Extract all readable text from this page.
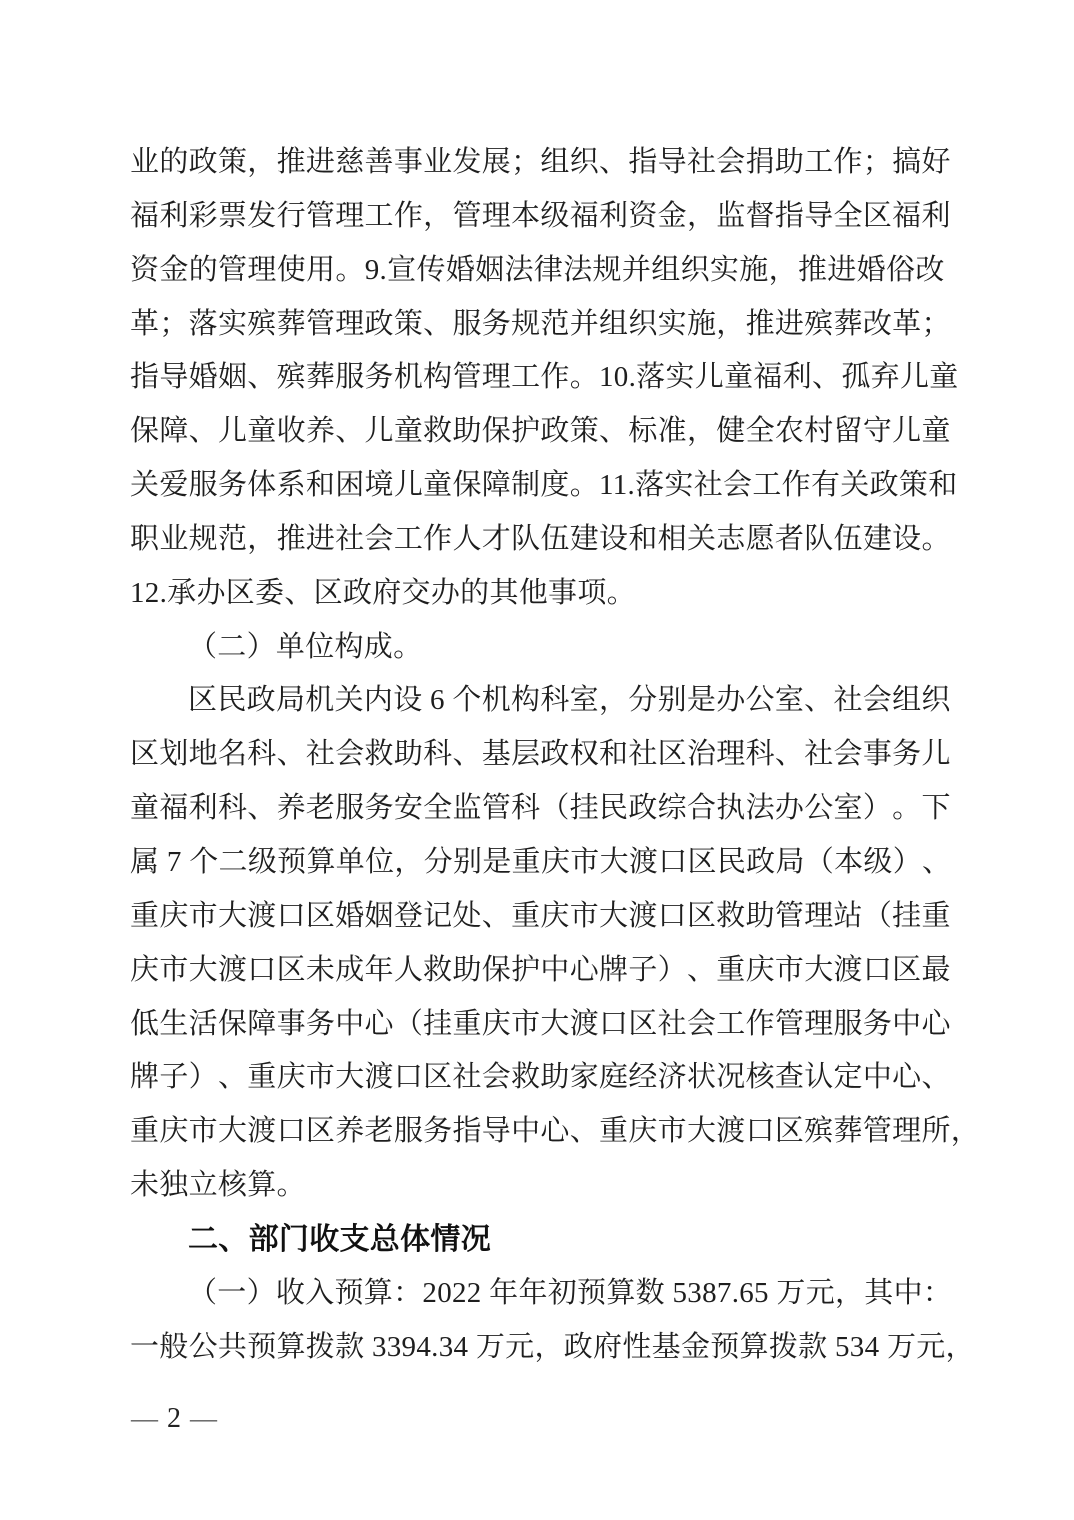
业 的 政 策 ， 推 进 慈 善 事 业 发 展 ； 组 织 、 指 导 社 会 捐 助 工 作 ； 搞 好
福 利 彩 票 发 行 管 理 工 作 ， 管 理 本 级 福 利 资 金 ， 监 督 指 导 全 区 福 利
资 金 的 管 理 使 用 。 9. 宣 传 婚 姻 法 律 法 规 并 组 织 实 施 ， 推 进 婚 俗 改
革 ； 落 实 殡 葬 管 理 政 策 、 服 务 规 范 并 组 织 实 施 ， 推 进 殡 葬 改 革 ；
指 导 婚 姻 、 殡 葬 服 务 机 构 管 理 工 作 。 10. 落 实 儿 童 福 利 、 孤 弃 儿 童
保 障 、 儿 童 收 养 、 儿 童 救 助 保 护 政 策 、 标 准 ， 健 全 农 村 留 守 儿 童
关 爱 服 务 体 系 和 困 境 儿 童 保 障 制 度 。 11. 落 实 社 会 工 作 有 关 政 策 和
职 业 规 范 ， 推 进 社 会 工 作 人 才 队 伍 建 设 和 相 关 志 愿 者 队 伍 建 设 。
12.承办区委、区政府交办的其他事项。
（二）单位构成。
区 民 政 局 机 关 内 设 6 个 机 构 科 室 ， 分 别 是 办 公 室 、 社 会 组 织
区 划 地 名 科 、 社 会 救 助 科 、 基 层 政 权 和 社 区 治 理 科 、 社 会 事 务 儿
童 福 利 科 、 养 老 服 务 安 全 监 管 科 （ 挂 民 政 综 合 执 法 办 公 室 ） 。 下
属 7 个 二 级 预 算 单 位 ， 分 别 是 重 庆 市 大 渡 口 区 民 政 局 （ 本 级 ） 、
重 庆 市 大 渡 口 区 婚 姻 登 记 处 、 重 庆 市 大 渡 口 区 救 助 管 理 站 （ 挂 重
庆 市 大 渡 口 区 未 成 年 人 救 助 保 护 中 心 牌 子 ） 、 重 庆 市 大 渡 口 区 最
低 生 活 保 障 事 务 中 心 （ 挂 重 庆 市 大 渡 口 区 社 会 工 作 管 理 服 务 中 心
牌 子 ） 、 重 庆 市 大 渡 口 区 社 会 救 助 家 庭 经 济 状 况 核 查 认 定 中 心 、
重 庆 市 大 渡 口 区 养 老 服 务 指 导 中 心 、 重 庆 市 大 渡 口 区 殡 葬 管 理 所 ，
未独立核算。
二、部门收支总体情况
（一）收入预算：2022 年年初预算数 5387.65 万元，其中：
一般公共预算拨款 3394.34 万元，政府性基金预算拨款 534 万元，
— 2 —
